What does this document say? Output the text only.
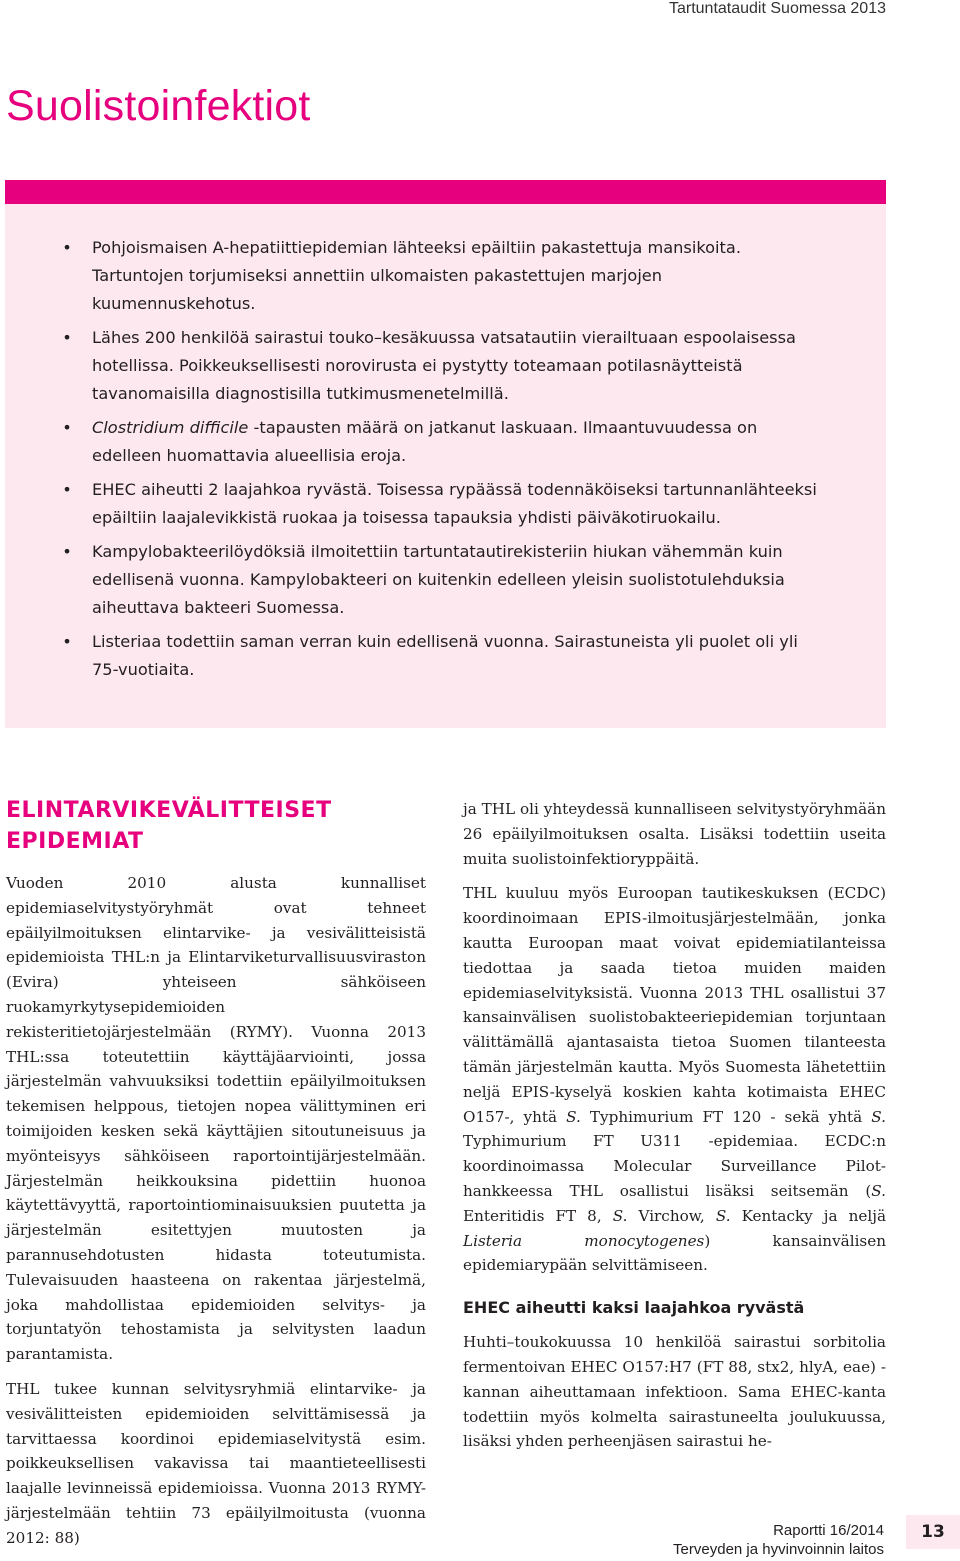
Tartuntataudit Suomessa 2013
Suolistoinfektiot
• Pohjoismaisen A-hepatiittiepidemian lähteeksi epäiltiin pakastettuja mansikoita. Tartuntojen torjumiseksi annettiin ulkomaisten pakastettujen marjojen kuumennuskehotus.
• Lähes 200 henkilöä sairastui touko–kesäkuussa vatsatautiin vierailtuaan espoolaisessa hotellissa. Poikkeuksellisesti norovirusta ei pystytty toteamaan potilasnäytteistä tavanomaisilla diagnostisilla tutkimusmenetelmillä.
• Clostridium difficile -tapausten määrä on jatkanut laskuaan. Ilmaantuvuudessa on edelleen huomattavia alueellisia eroja.
• EHEC aiheutti 2 laajahkoa ryvästä. Toisessa rypäässä todennäköiseksi tartunnanlähteeksi epäiltiin laajalevikkistä ruokaa ja toisessa tapauksia yhdisti päiväkotiruokailu.
• Kampylobakteerilöydöksiä ilmoitettiin tartuntatautirekisteriin hiukan vähemmän kuin edellisenä vuonna. Kampylobakteeri on kuitenkin edelleen yleisin suolistotulehduksia aiheuttava bakteeri Suomessa.
• Listeriaa todettiin saman verran kuin edellisenä vuonna. Sairastuneista yli puolet oli yli 75-vuotiaita.
ELINTARVIKEVÄLITTEISET
EPIDEMIAT

Vuoden 2010 alusta kunnalliset epidemiaselvitystyöryhmät ovat tehneet epäilyilmoituksen elintarvike- ja vesivälitteisistä epidemioista THL:n ja Elintarviketurvallisuusviraston (Evira) yhteiseen sähköiseen ruokamyrkytysepidemioiden rekisteritietojärjestelmään (RYMY). Vuonna 2013 THL:ssa toteutettiin käyttäjäarviointi, jossa järjestelmän vahvuuksiksi todettiin epäilyilmoituksen tekemisen helppous, tietojen nopea välittyminen eri toimijoiden kesken sekä käyttäjien sitoutuneisuus ja myönteisyys sähköiseen raportointijärjestelmään. Järjestelmän heikkouksina pidettiin huonoa käytettävyyttä, raportointiominaisuuksien puutetta ja järjestelmän esitettyjen muutosten ja parannusehdotusten hidasta toteutumista. Tulevaisuuden haasteena on rakentaa järjestelmä, joka mahdollistaa epidemioiden selvitys- ja torjuntatyön tehostamista ja selvitysten laadun parantamista.

THL tukee kunnan selvitysryhmiä elintarvike- ja vesivälitteisten epidemioiden selvittämisessä ja tarvittaessa koordinoi epidemiaselvitystä esim. poikkeuksellisen vakavissa tai maantieteellisesti laajalle levinneissä epidemioissa. Vuonna 2013 RYMY-järjestelmään tehtiin 73 epäilyilmoitusta (vuonna 2012: 88)

ja THL oli yhteydessä kunnalliseen selvitystyöryhmään 26 epäilyilmoituksen osalta. Lisäksi todettiin useita muita suolistoinfektioryppäitä.

THL kuuluu myös Euroopan tautikeskuksen (ECDC) koordinoimaan EPIS-ilmoitusjärjestelmään, jonka kautta Euroopan maat voivat epidemiatilanteissa tiedottaa ja saada tietoa muiden maiden epidemiaselvityksistä. Vuonna 2013 THL osallistui 37 kansainvälisen suolistobakteeriepidemian torjuntaan välittämällä ajantasaista tietoa Suomen tilanteesta tämän järjestelmän kautta. Myös Suomesta lähetettiin neljä EPIS-kyselyä koskien kahta kotimaista EHEC O157-, yhtä S. Typhimurium FT 120 - sekä yhtä S. Typhimurium FT U311 -epidemiaa. ECDC:n koordinoimassa Molecular Surveillance Pilot-hankkeessa THL osallistui lisäksi seitsemän (S. Enteritidis FT 8, S. Virchow, S. Kentacky ja neljä Listeria monocytogenes) kansainvälisen epidemiarypään selvittämiseen.

EHEC aiheutti kaksi laajahkoa ryvästä

Huhti–toukokuussa 10 henkilöä sairastui sorbitolia fermentoivan EHEC O157:H7 (FT 88, stx2, hlyA, eae) -kannan aiheuttamaan infektioon. Sama EHEC-kanta todettiin myös kolmelta sairastuneelta joulukuussa, lisäksi yhden perheenjäsen sairastui he-

Raportti 16/2014
Terveyden ja hyvinvoinnin laitos
13
